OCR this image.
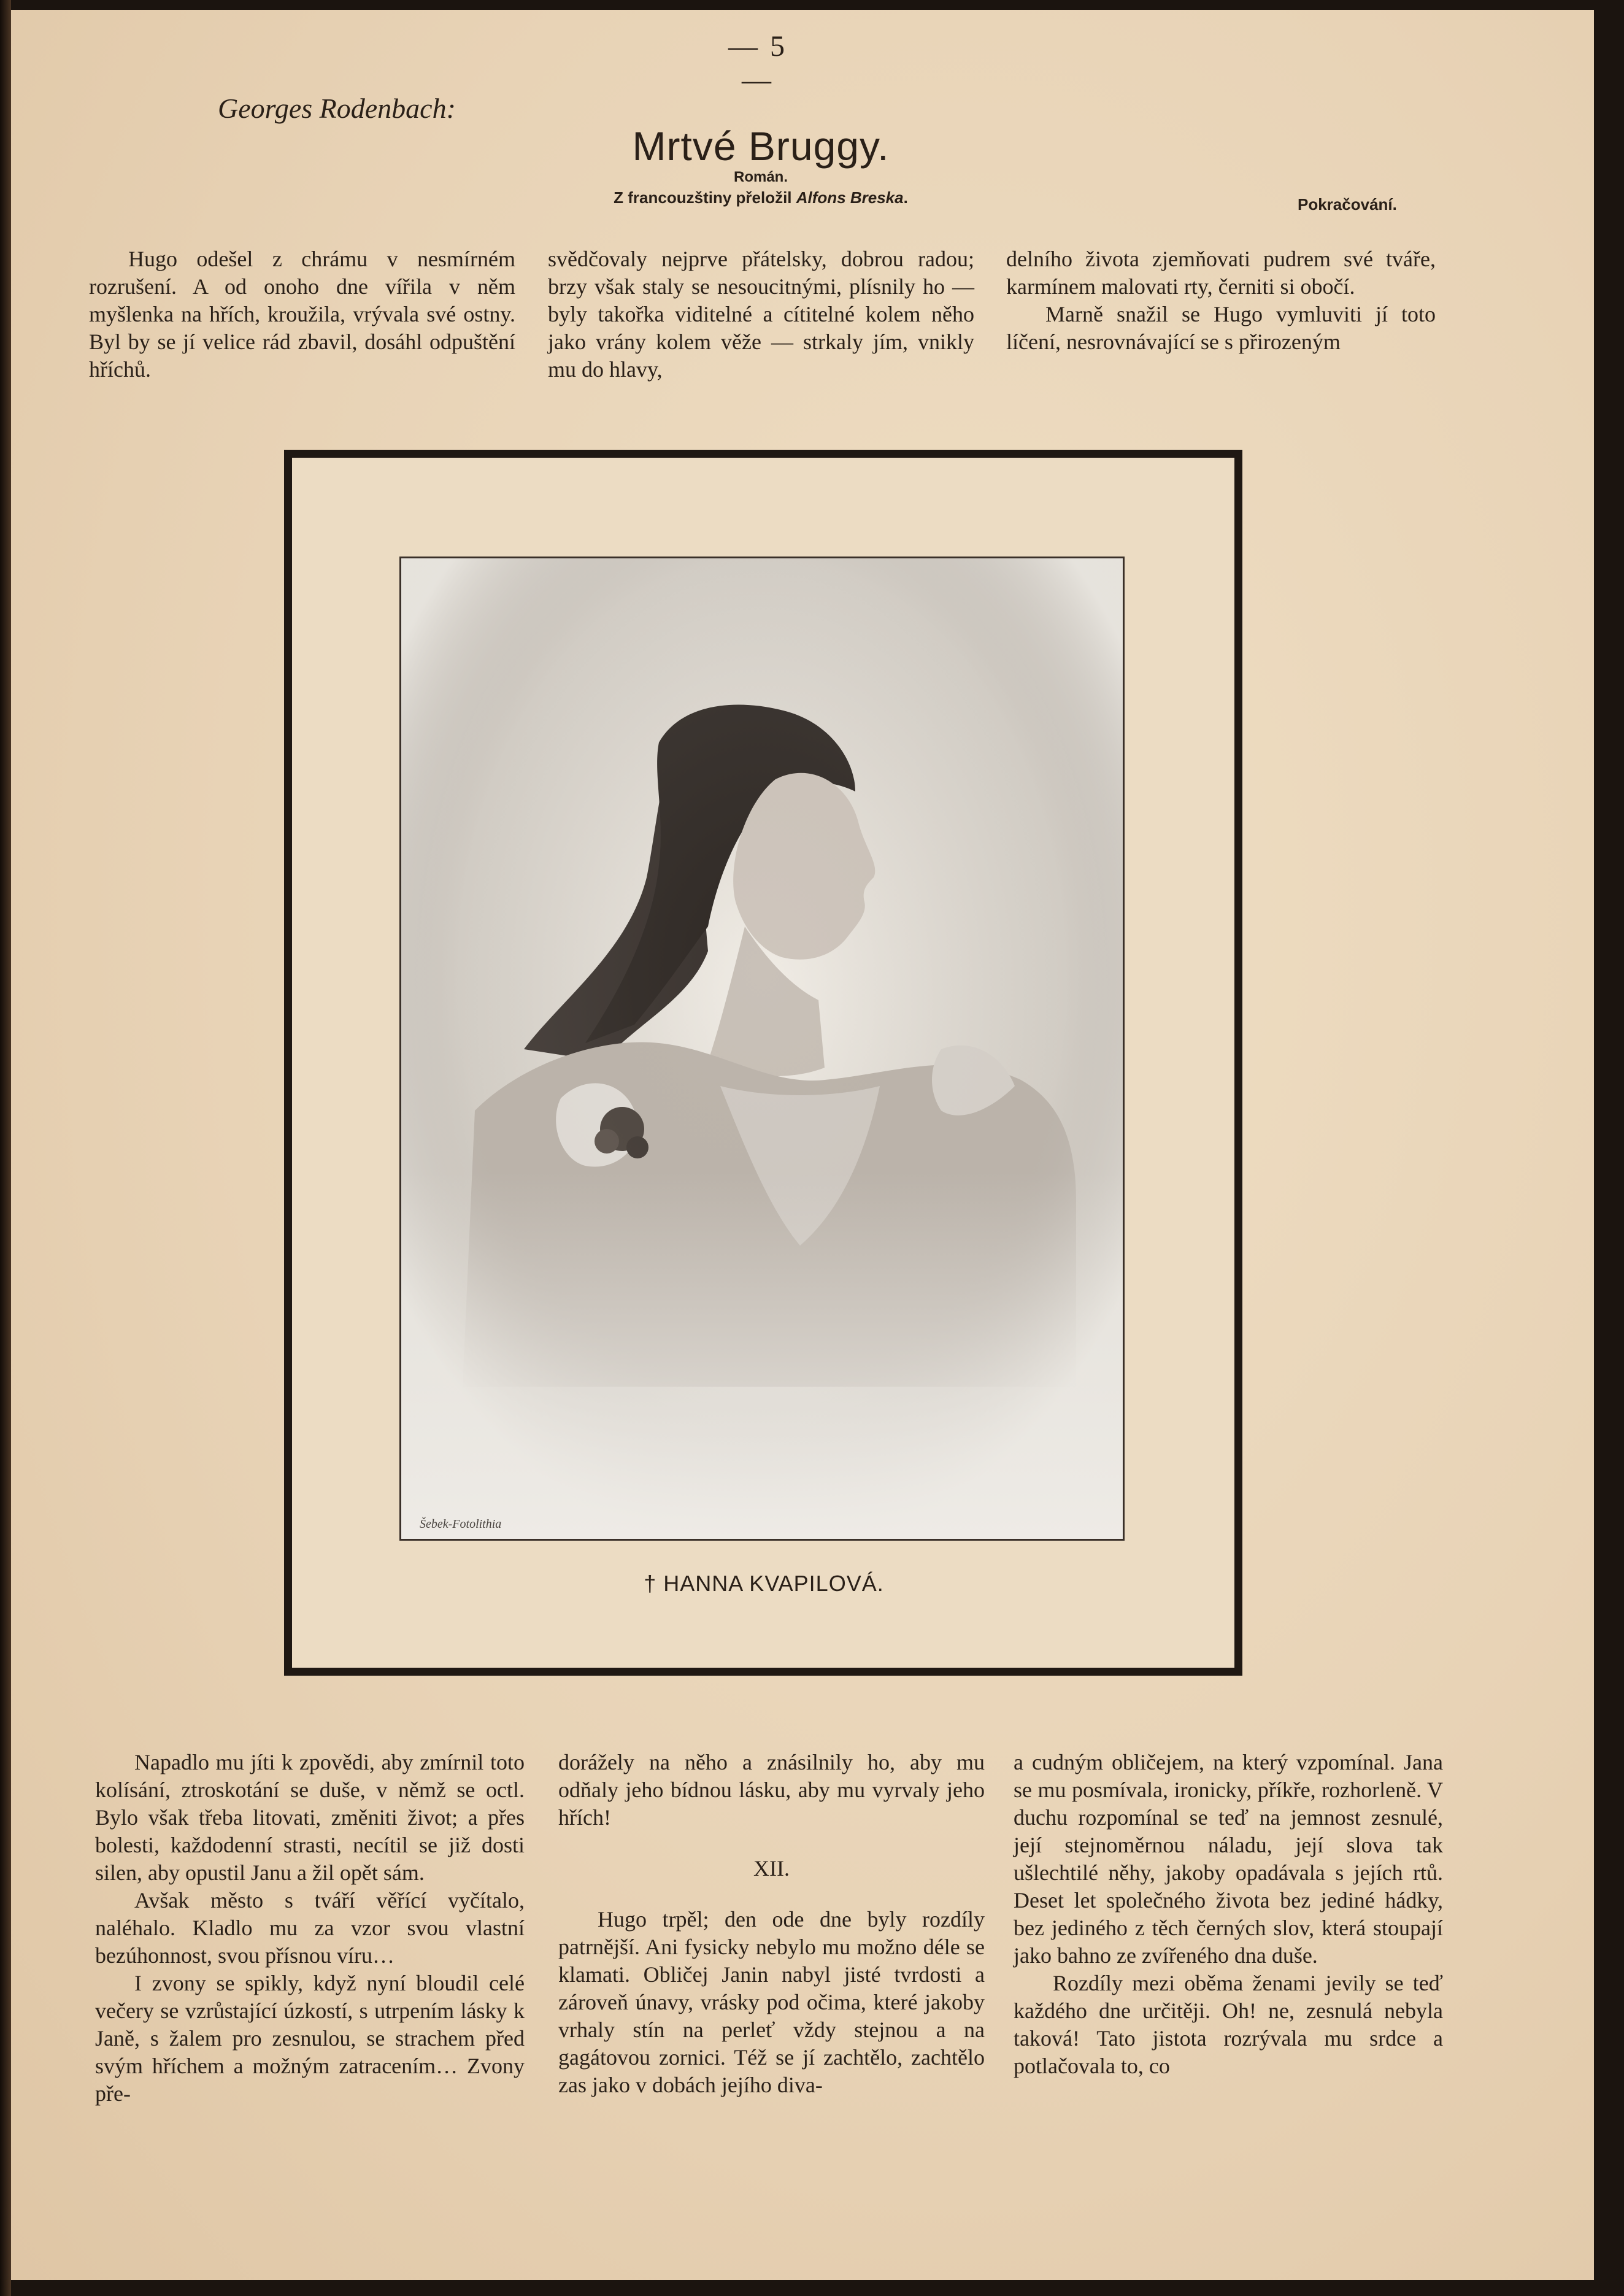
— 5 —
Georges Rodenbach:
Mrtvé Bruggy.
Román.
Z francouzštiny přeložil Alfons Breska.	Pokračování.

Hugo odešel z chrámu v nesmírném rozrušení. A od onoho dne vířila v něm myšlenka na hřích, kroužila, vrývala své ostny. Byl by se jí velice rád zbavil, dosáhl odpuštění hříchů.

svědčovaly nejprve přátelsky, dobrou radou; brzy však staly se nesoucitnými, plísnily ho — byly takořka viditelné a cítitelné kolem něho jako vrány kolem věže — strkaly jím, vnikly mu do hlavy,

delního života zjemňovati pudrem své tváře, karmínem malovati rty, černiti si obočí.

Marně snažil se Hugo vymluviti jí toto líčení, nesrovnávající se s přirozeným

Šebek-Fotolithia
† HANNA KVAPILOVÁ.

Napadlo mu jíti k zpovědi, aby zmírnil toto kolísání, ztroskotání se duše, v němž se octl. Bylo však třeba litovati, změniti život; a přes bolesti, každodenní strasti, necítil se již dosti silen, aby opustil Janu a žil opět sám.

Avšak město s tváří věřící vyčítalo, naléhalo. Kladlo mu za vzor svou vlastní bezúhonnost, svou přísnou víru…

I zvony se spikly, když nyní bloudil celé večery se vzrůstající úzkostí, s utrpením lásky k Janě, s žalem pro zesnulou, se strachem před svým hříchem a možným zatracením… Zvony pře-

dorážely na něho a znásilnily ho, aby mu odňaly jeho bídnou lásku, aby mu vyrvaly jeho hřích!

XII.

Hugo trpěl; den ode dne byly rozdíly patrnější. Ani fysicky nebylo mu možno déle se klamati. Obličej Janin nabyl jisté tvrdosti a zároveň únavy, vrásky pod očima, které jakoby vrhaly stín na perleť vždy stejnou a na gagátovou zornici. Též se jí zachtělo, zachtělo zas jako v dobách jejího diva-

a cudným obličejem, na který vzpomínal. Jana se mu posmívala, ironicky, příkře, rozhorleně. V duchu rozpomínal se teď na jemnost zesnulé, její stejnoměrnou náladu, její slova tak ušlechtilé něhy, jakoby opadávala s jejích rtů. Deset let společného života bez jediné hádky, bez jediného z těch černých slov, která stoupají jako bahno ze zvířeného dna duše.

Rozdíly mezi oběma ženami jevily se teď každého dne určitěji. Oh! ne, zesnulá nebyla taková! Tato jistota rozrývala mu srdce a potlačovala to, co
